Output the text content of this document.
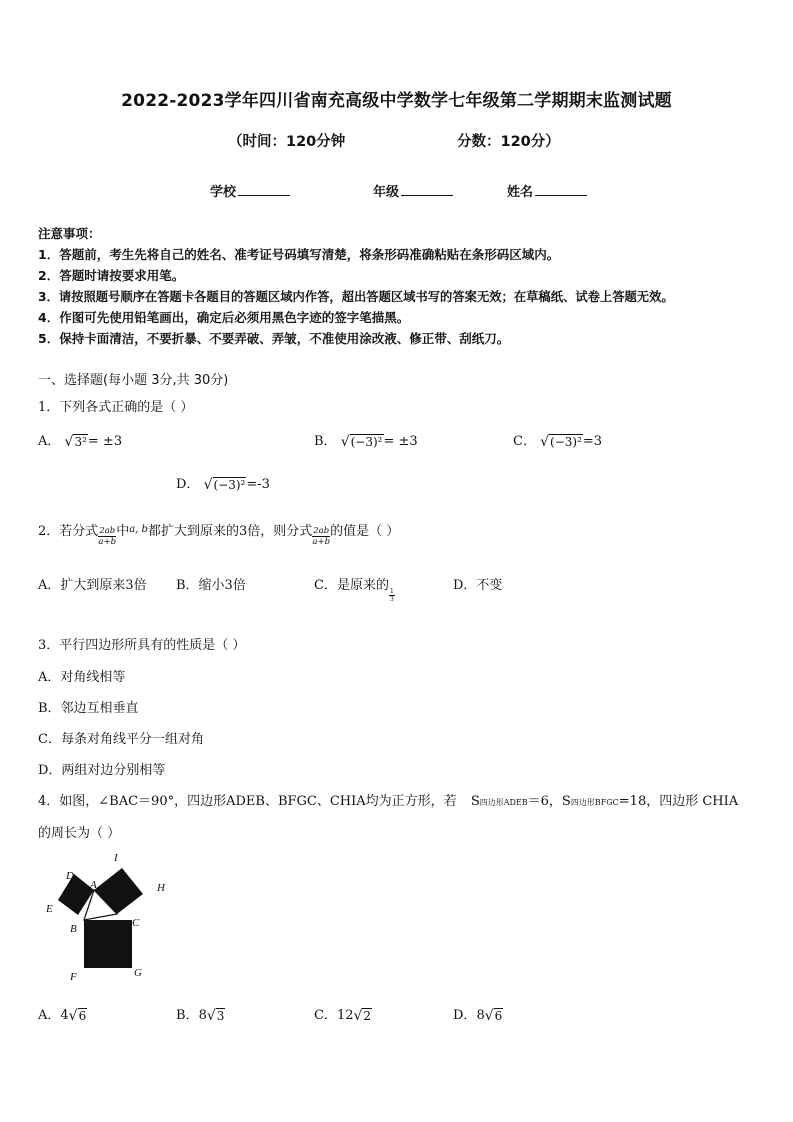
2022-2023学年四川省南充高级中学数学七年级第二学期期末监测试题
（时间：120分钟	分数：120分）
学校	年级	姓名
注意事项：
1．答题前，考生先将自己的姓名、准考证号码填写清楚，将条形码准确粘贴在条形码区域内。
2．答题时请按要求用笔。
3．请按照题号顺序在答题卡各题目的答题区域内作答，超出答题区域书写的答案无效；在草稿纸、试卷上答题无效。
4．作图可先使用铅笔画出，确定后必须用黑色字迹的签字笔描黑。
5．保持卡面清洁，不要折暴、不要弄破、弄皱，不准使用涂改液、修正带、刮纸刀。
一、选择题(每小题 3分,共 30分)
1．下列各式正确的是（ ）
A． √ 3² = ±3	B． √ (−3)² = ±3	C． √ (−3)² =3
D． √ (−3)² =-3
2．若分式 $\frac{2ab}{a+b}$ 中 a, b 都扩大到原来的3倍，则分式 $\frac{2ab}{a+b}$ 的值是（ ）
A．扩大到原来3倍 B．缩小3倍	C．是原来的
$\frac{1}{3}$
D．不变
3．平行四边形所具有的性质是（ ）
A．对角线相等
B．邻边互相垂直
C．每条对角线平分一组对角
D．两组对边分别相等
4．如图，∠BAC＝90°，四边形ADEB、BFGC、CHIA均为正方形，若 S四边形ADEB＝6，S四边形BFGC=18，四边形 CHIA
的周长为（ ）
D
A
I
H
E
B	C
F	G
A．4 √ 6	B．8 √ 3	C．12 √ 2	D．8 √ 6
